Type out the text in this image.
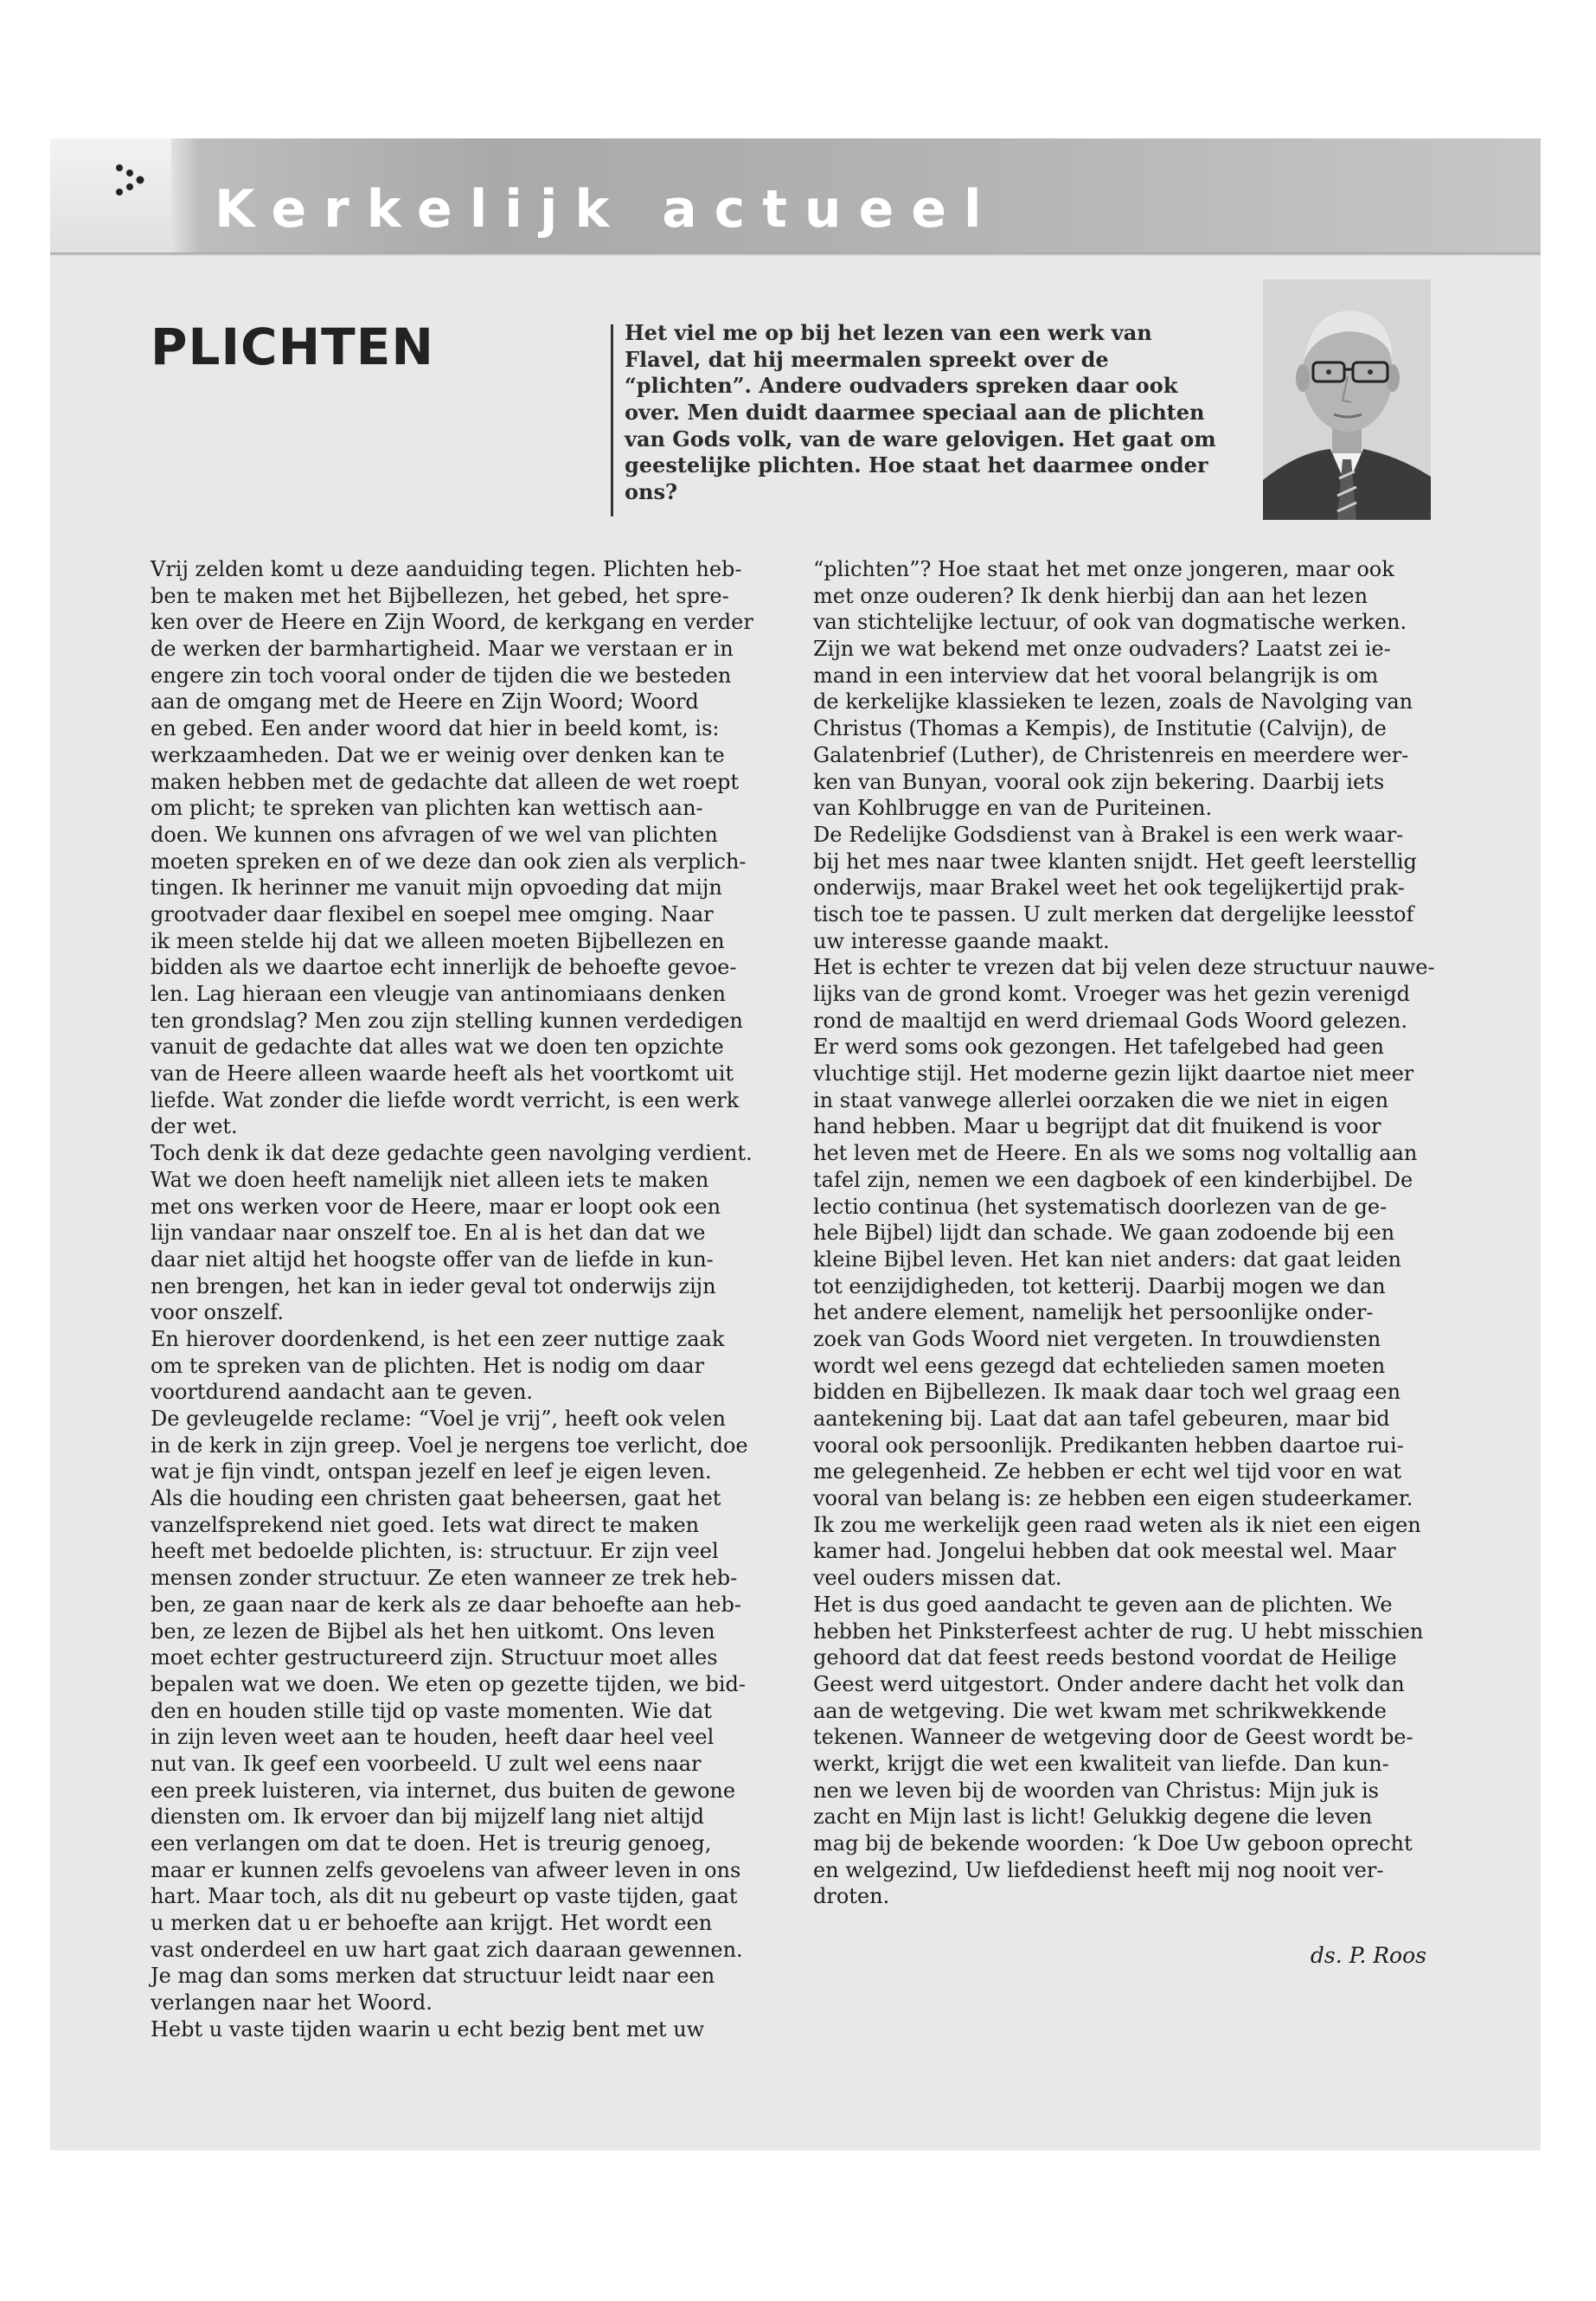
Kerkelijk actueel
PLICHTEN	Het viel me op bij het lezen van een werk van
Flavel, dat hij meermalen spreekt over de
“plichten”. Andere oudvaders spreken daar ook
over. Men duidt daarmee speciaal aan de plichten
van Gods volk, van de ware gelovigen. Het gaat om
geestelijke plichten. Hoe staat het daarmee onder
ons?
Vrij zelden komt u deze aanduiding tegen. Plichten heb-
ben te maken met het Bijbellezen, het gebed, het spre-
ken over de Heere en Zijn Woord, de kerkgang en verder
de werken der barmhartigheid. Maar we verstaan er in
engere zin toch vooral onder de tijden die we besteden
aan de omgang met de Heere en Zijn Woord; Woord
en gebed. Een ander woord dat hier in beeld komt, is:
werkzaamheden. Dat we er weinig over denken kan te
maken hebben met de gedachte dat alleen de wet roept
om plicht; te spreken van plichten kan wettisch aan-
doen. We kunnen ons afvragen of we wel van plichten
moeten spreken en of we deze dan ook zien als verplich-
tingen. Ik herinner me vanuit mijn opvoeding dat mijn
grootvader daar flexibel en soepel mee omging. Naar
ik meen stelde hij dat we alleen moeten Bijbellezen en
bidden als we daartoe echt innerlijk de behoefte gevoe-
len. Lag hieraan een vleugje van antinomiaans denken
ten grondslag? Men zou zijn stelling kunnen verdedigen
vanuit de gedachte dat alles wat we doen ten opzichte
van de Heere alleen waarde heeft als het voortkomt uit
liefde. Wat zonder die liefde wordt verricht, is een werk
der wet.
Toch denk ik dat deze gedachte geen navolging verdient.
Wat we doen heeft namelijk niet alleen iets te maken
met ons werken voor de Heere, maar er loopt ook een
lijn vandaar naar onszelf toe. En al is het dan dat we
daar niet altijd het hoogste offer van de liefde in kun-
nen brengen, het kan in ieder geval tot onderwijs zijn
voor onszelf.
En hierover doordenkend, is het een zeer nuttige zaak
om te spreken van de plichten. Het is nodig om daar
voortdurend aandacht aan te geven.
De gevleugelde reclame: “Voel je vrij”, heeft ook velen
in de kerk in zijn greep. Voel je nergens toe verlicht, doe
wat je fijn vindt, ontspan jezelf en leef je eigen leven.
Als die houding een christen gaat beheersen, gaat het
vanzelfsprekend niet goed. Iets wat direct te maken
heeft met bedoelde plichten, is: structuur. Er zijn veel
mensen zonder structuur. Ze eten wanneer ze trek heb-
ben, ze gaan naar de kerk als ze daar behoefte aan heb-
ben, ze lezen de Bijbel als het hen uitkomt. Ons leven
moet echter gestructureerd zijn. Structuur moet alles
bepalen wat we doen. We eten op gezette tijden, we bid-
den en houden stille tijd op vaste momenten. Wie dat
in zijn leven weet aan te houden, heeft daar heel veel
nut van. Ik geef een voorbeeld. U zult wel eens naar
een preek luisteren, via internet, dus buiten de gewone
diensten om. Ik ervoer dan bij mijzelf lang niet altijd
een verlangen om dat te doen. Het is treurig genoeg,
maar er kunnen zelfs gevoelens van afweer leven in ons
hart. Maar toch, als dit nu gebeurt op vaste tijden, gaat
u merken dat u er behoefte aan krijgt. Het wordt een
vast onderdeel en uw hart gaat zich daaraan gewennen.
Je mag dan soms merken dat structuur leidt naar een
verlangen naar het Woord.
Hebt u vaste tijden waarin u echt bezig bent met uw
“plichten”? Hoe staat het met onze jongeren, maar ook
met onze ouderen? Ik denk hierbij dan aan het lezen
van stichtelijke lectuur, of ook van dogmatische werken.
Zijn we wat bekend met onze oudvaders? Laatst zei ie-
mand in een interview dat het vooral belangrijk is om
de kerkelijke klassieken te lezen, zoals de Navolging van
Christus (Thomas a Kempis), de Institutie (Calvijn), de
Galatenbrief (Luther), de Christenreis en meerdere wer-
ken van Bunyan, vooral ook zijn bekering. Daarbij iets
van Kohlbrugge en van de Puriteinen.
De Redelijke Godsdienst van à Brakel is een werk waar-
bij het mes naar twee klanten snijdt. Het geeft leerstellig
onderwijs, maar Brakel weet het ook tegelijkertijd prak-
tisch toe te passen. U zult merken dat dergelijke leesstof
uw interesse gaande maakt.
Het is echter te vrezen dat bij velen deze structuur nauwe-
lijks van de grond komt. Vroeger was het gezin verenigd
rond de maaltijd en werd driemaal Gods Woord gelezen.
Er werd soms ook gezongen. Het tafelgebed had geen
vluchtige stijl. Het moderne gezin lijkt daartoe niet meer
in staat vanwege allerlei oorzaken die we niet in eigen
hand hebben. Maar u begrijpt dat dit fnuikend is voor
het leven met de Heere. En als we soms nog voltallig aan
tafel zijn, nemen we een dagboek of een kinderbijbel. De
lectio continua (het systematisch doorlezen van de ge-
hele Bijbel) lijdt dan schade. We gaan zodoende bij een
kleine Bijbel leven. Het kan niet anders: dat gaat leiden
tot eenzijdigheden, tot ketterij. Daarbij mogen we dan
het andere element, namelijk het persoonlijke onder-
zoek van Gods Woord niet vergeten. In trouwdiensten
wordt wel eens gezegd dat echtelieden samen moeten
bidden en Bijbellezen. Ik maak daar toch wel graag een
aantekening bij. Laat dat aan tafel gebeuren, maar bid
vooral ook persoonlijk. Predikanten hebben daartoe rui-
me gelegenheid. Ze hebben er echt wel tijd voor en wat
vooral van belang is: ze hebben een eigen studeerkamer.
Ik zou me werkelijk geen raad weten als ik niet een eigen
kamer had. Jongelui hebben dat ook meestal wel. Maar
veel ouders missen dat.
Het is dus goed aandacht te geven aan de plichten. We
hebben het Pinksterfeest achter de rug. U hebt misschien
gehoord dat dat feest reeds bestond voordat de Heilige
Geest werd uitgestort. Onder andere dacht het volk dan
aan de wetgeving. Die wet kwam met schrikwekkende
tekenen. Wanneer de wetgeving door de Geest wordt be-
werkt, krijgt die wet een kwaliteit van liefde. Dan kun-
nen we leven bij de woorden van Christus: Mijn juk is
zacht en Mijn last is licht! Gelukkig degene die leven
mag bij de bekende woorden: ‘k Doe Uw geboon oprecht
en welgezind, Uw liefdedienst heeft mij nog nooit ver-
droten.

ds. P. Roos
